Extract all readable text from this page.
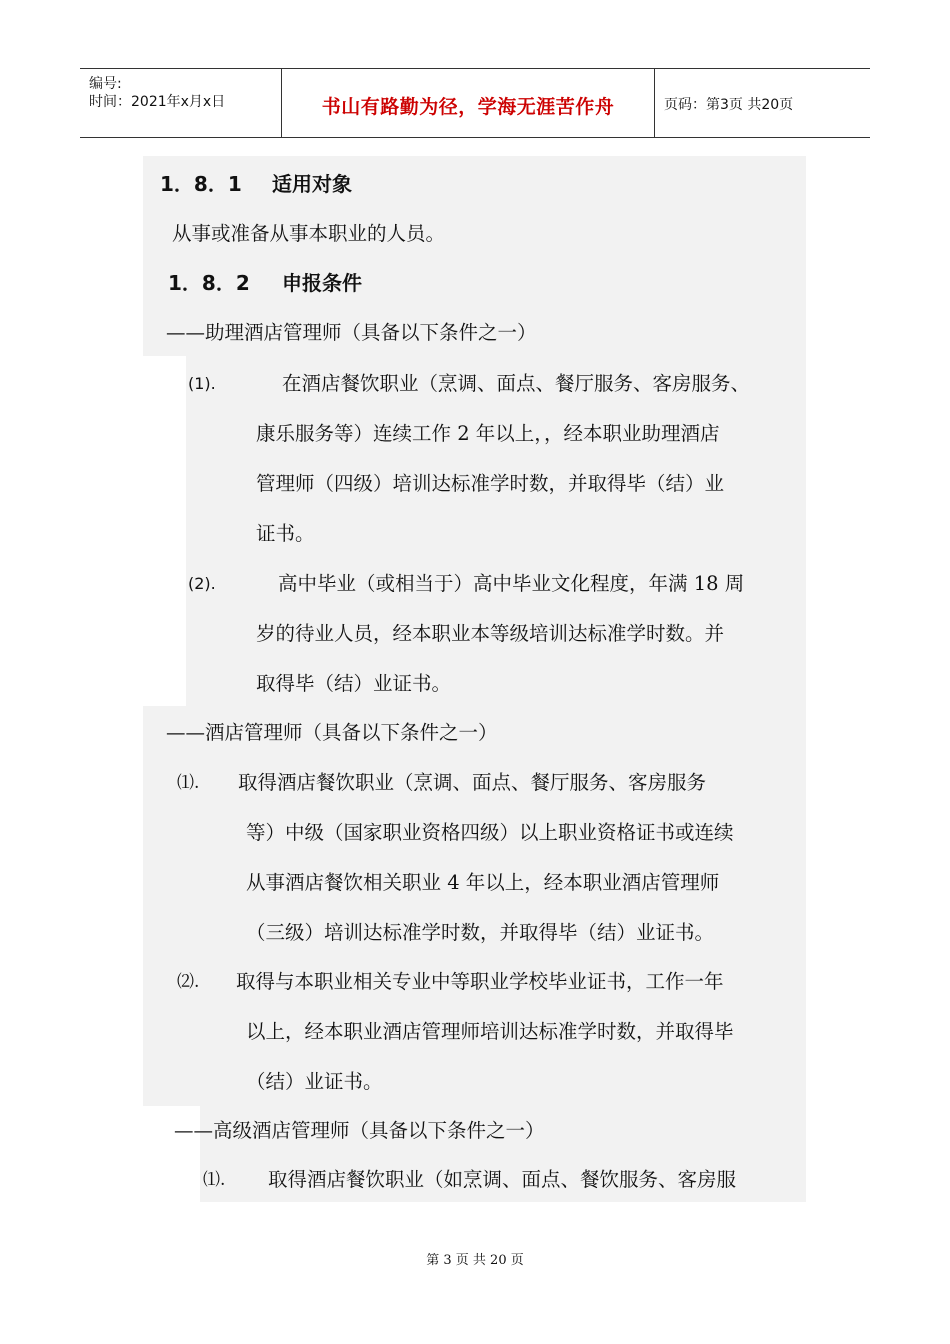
编号:
时间：2021年x月x日	书山有路勤为径，学海无涯苦作舟	页码：第3页 共20页
1．8．1 适用对象
从事或准备从事本职业的人员。
1．8．2 申报条件
——助理酒店管理师（具备以下条件之一）
(1).	在酒店餐饮职业（烹调、面点、餐厅服务、客房服务、
康乐服务等）连续工作 2 年以上，，经本职业助理酒店
管理师（四级）培训达标准学时数，并取得毕（结）业
证书。
(2).	高中毕业（或相当于）高中毕业文化程度，年满 18 周
岁的待业人员，经本职业本等级培训达标准学时数。并
取得毕（结）业证书。
——酒店管理师（具备以下条件之一）
⑴. 取得酒店餐饮职业（烹调、面点、餐厅服务、客房服务
等）中级（国家职业资格四级）以上职业资格证书或连续
从事酒店餐饮相关职业 4 年以上，经本职业酒店管理师
（三级）培训达标准学时数，并取得毕（结）业证书。
⑵. 取得与本职业相关专业中等职业学校毕业证书，工作一年
以上，经本职业酒店管理师培训达标准学时数，并取得毕
（结）业证书。
——高级酒店管理师（具备以下条件之一）
⑴. 取得酒店餐饮职业（如烹调、面点、餐饮服务、客房服
第 3 页 共 20 页
